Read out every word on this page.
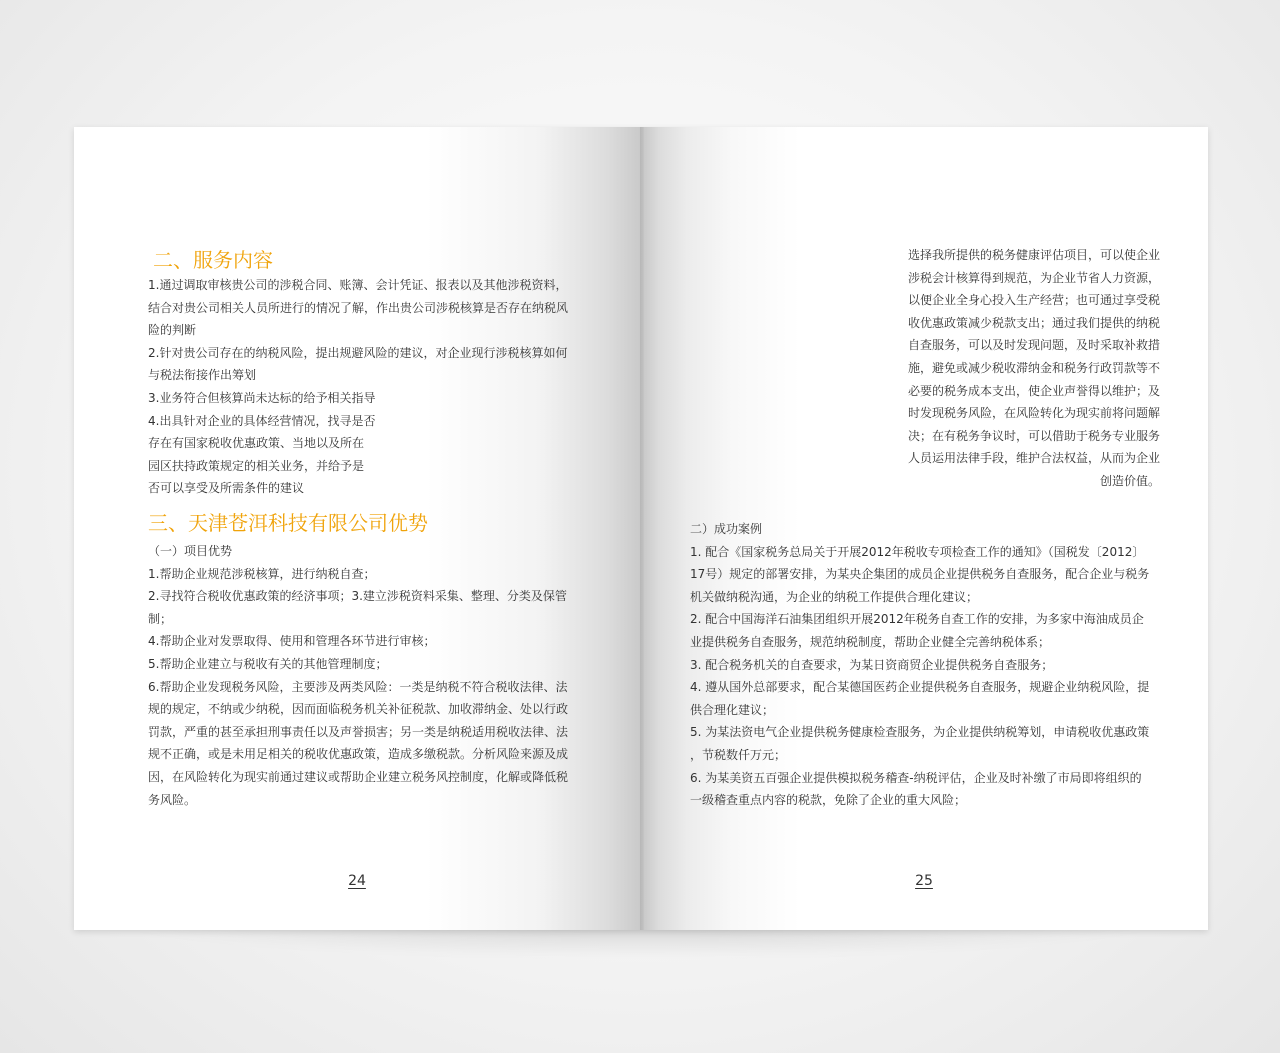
二、服务内容

1.通过调取审核贵公司的涉税合同、账簿、会计凭证、报表以及其他涉税资料，

结合对贵公司相关人员所进行的情况了解，作出贵公司涉税核算是否存在纳税风

险的判断

2.针对贵公司存在的纳税风险，提出规避风险的建议，对企业现行涉税核算如何

与税法衔接作出筹划

3.业务符合但核算尚未达标的给予相关指导

4.出具针对企业的具体经营情况，找寻是否

存在有国家税收优惠政策、当地以及所在

园区扶持政策规定的相关业务，并给予是

否可以享受及所需条件的建议

三、天津苍洱科技有限公司优势

（一）项目优势

1.帮助企业规范涉税核算，进行纳税自查；

2.寻找符合税收优惠政策的经济事项；3.建立涉税资料采集、整理、分类及保管

制；

4.帮助企业对发票取得、使用和管理各环节进行审核；

5.帮助企业建立与税收有关的其他管理制度；

6.帮助企业发现税务风险，主要涉及两类风险：一类是纳税不符合税收法律、法

规的规定，不纳或少纳税，因而面临税务机关补征税款、加收滞纳金、处以行政

罚款，严重的甚至承担刑事责任以及声誉损害；另一类是纳税适用税收法律、法

规不正确，或是未用足相关的税收优惠政策，造成多缴税款。分析风险来源及成

因，在风险转化为现实前通过建议或帮助企业建立税务风控制度，化解或降低税

务风险。

24

选择我所提供的税务健康评估项目，可以使企业

涉税会计核算得到规范，为企业节省人力资源，

以便企业全身心投入生产经营；也可通过享受税

收优惠政策减少税款支出；通过我们提供的纳税

自查服务，可以及时发现问题，及时采取补救措

施，避免或减少税收滞纳金和税务行政罚款等不

必要的税务成本支出，使企业声誉得以维护；及

时发现税务风险，在风险转化为现实前将问题解

决；在有税务争议时，可以借助于税务专业服务

人员运用法律手段，维护合法权益，从而为企业

创造价值。

二）成功案例

1. 配合《国家税务总局关于开展2012年税收专项检查工作的通知》（国税发〔2012〕

17号）规定的部署安排，为某央企集团的成员企业提供税务自查服务，配合企业与税务

机关做纳税沟通，为企业的纳税工作提供合理化建议；

2. 配合中国海洋石油集团组织开展2012年税务自查工作的安排，为多家中海油成员企

业提供税务自查服务，规范纳税制度，帮助企业健全完善纳税体系；

3. 配合税务机关的自查要求，为某日资商贸企业提供税务自查服务；

4. 遵从国外总部要求，配合某德国医药企业提供税务自查服务，规避企业纳税风险，提

供合理化建议；

5. 为某法资电气企业提供税务健康检查服务，为企业提供纳税筹划，申请税收优惠政策

，节税数仟万元；

6. 为某美资五百强企业提供模拟税务稽查-纳税评估，企业及时补缴了市局即将组织的

一级稽查重点内容的税款，免除了企业的重大风险；

25
